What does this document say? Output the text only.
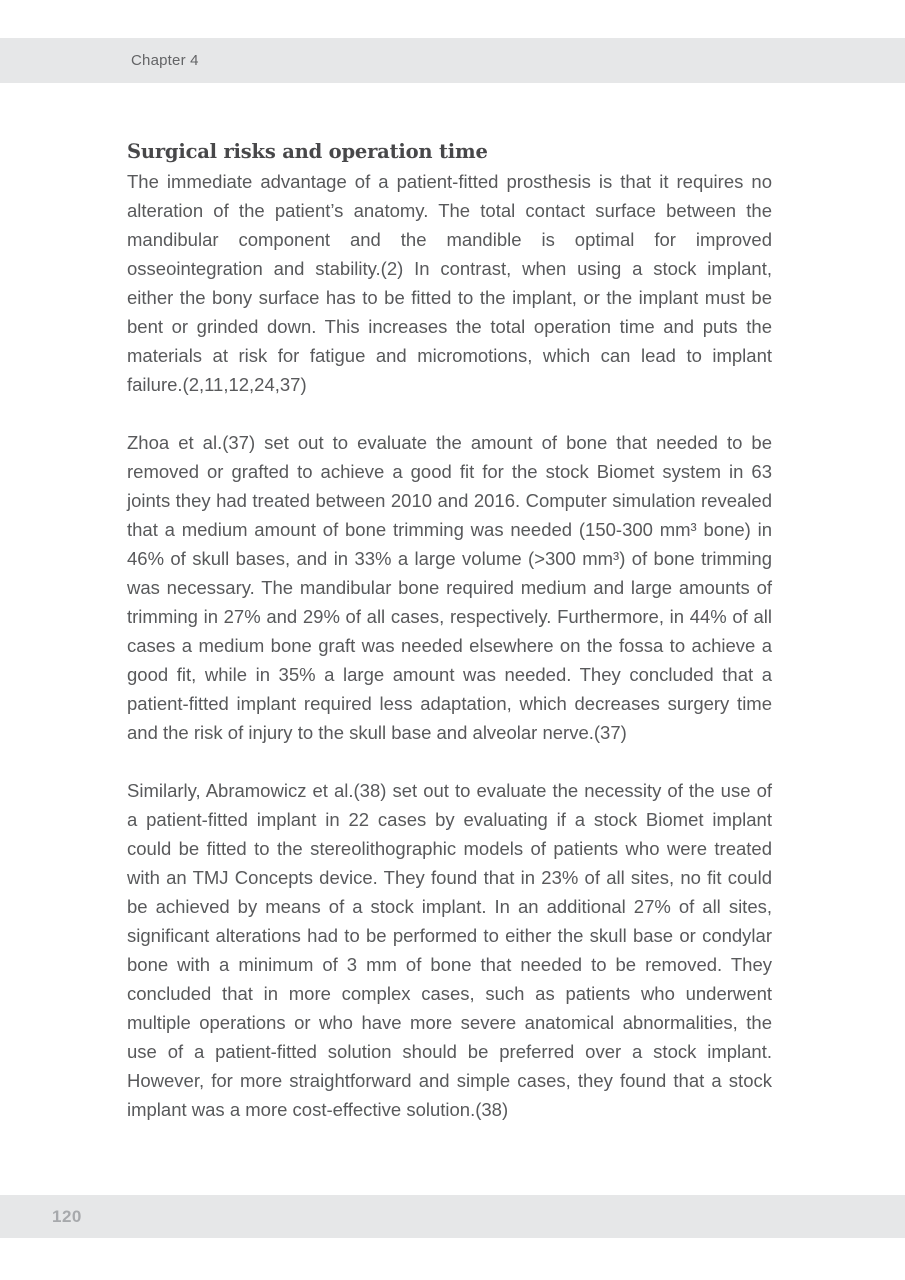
Chapter 4
Surgical risks and operation time

The immediate advantage of a patient-fitted prosthesis is that it requires no alteration of the patient’s anatomy. The total contact surface between the mandibular component and the mandible is optimal for improved osseointegration and stability.(2) In contrast, when using a stock implant, either the bony surface has to be fitted to the implant, or the implant must be bent or grinded down. This increases the total operation time and puts the materials at risk for fatigue and micromotions, which can lead to implant failure.(2,11,12,24,37)

Zhoa et al.(37) set out to evaluate the amount of bone that needed to be removed or grafted to achieve a good fit for the stock Biomet system in 63 joints they had treated between 2010 and 2016. Computer simulation revealed that a medium amount of bone trimming was needed (150-300 mm³ bone) in 46% of skull bases, and in 33% a large volume (>300 mm³) of bone trimming was necessary. The mandibular bone required medium and large amounts of trimming in 27% and 29% of all cases, respectively. Furthermore, in 44% of all cases a medium bone graft was needed elsewhere on the fossa to achieve a good fit, while in 35% a large amount was needed. They concluded that a patient-fitted implant required less adaptation, which decreases surgery time and the risk of injury to the skull base and alveolar nerve.(37)

Similarly, Abramowicz et al.(38) set out to evaluate the necessity of the use of a patient-fitted implant in 22 cases by evaluating if a stock Biomet implant could be fitted to the stereolithographic models of patients who were treated with an TMJ Concepts device. They found that in 23% of all sites, no fit could be achieved by means of a stock implant. In an additional 27% of all sites, significant alterations had to be performed to either the skull base or condylar bone with a minimum of 3 mm of bone that needed to be removed. They concluded that in more complex cases, such as patients who underwent multiple operations or who have more severe anatomical abnormalities, the use of a patient-fitted solution should be preferred over a stock implant. However, for more straightforward and simple cases, they found that a stock implant was a more cost-effective solution.(38)

120
